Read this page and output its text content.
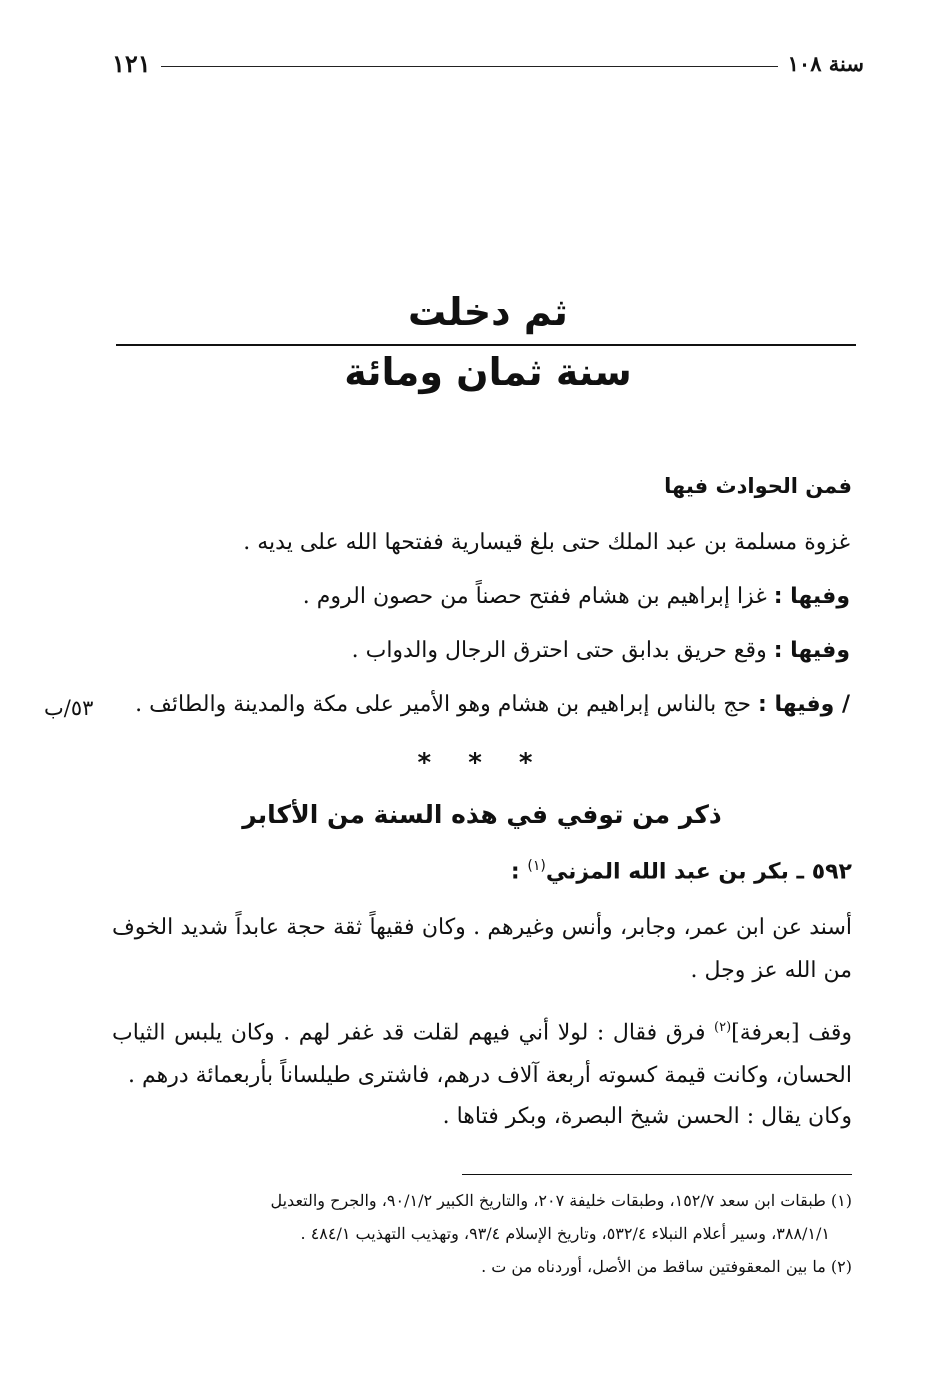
سنة ١٠٨
١٢١
ثم دخلت
سنة ثمان ومائة
فمن الحوادث فيها
غزوة مسلمة بن عبد الملك حتى بلغ قيسارية ففتحها الله على يديه .
وفيها : غزا إبراهيم بن هشام ففتح حصناً من حصون الروم .
وفيها : وقع حريق بدابق حتى احترق الرجال والدواب .
/ وفيها : حج بالناس إبراهيم بن هشام وهو الأمير على مكة والمدينة والطائف .
٥٣/ب
* * *
ذكر من توفي في هذه السنة من الأكابر
٥٩٢ ـ بكر بن عبد الله المزني$^{(١)}$ :
أسند عن ابن عمر، وجابر، وأنس وغيرهم . وكان فقيهاً ثقة حجة عابداً شديد الخوف من الله عز وجل .
وقف [بعرفة]$^{(٢)}$ فرق فقال : لولا أني فيهم لقلت قد غفر لهم . وكان يلبس الثياب الحسان، وكانت قيمة كسوته أربعة آلاف درهم، فاشترى طيلساناً بأربعمائة درهم .
وكان يقال : الحسن شيخ البصرة، وبكر فتاها .
(١) طبقات ابن سعد ١٥٢/٧، وطبقات خليفة ٢٠٧، والتاريخ الكبير ٩٠/١/٢، والجرح والتعديل
٣٨٨/١/١، وسير أعلام النبلاء ٥٣٢/٤، وتاريخ الإسلام ٩٣/٤، وتهذيب التهذيب ٤٨٤/١ .
(٢) ما بين المعقوفتين ساقط من الأصل، أوردناه من ت .
